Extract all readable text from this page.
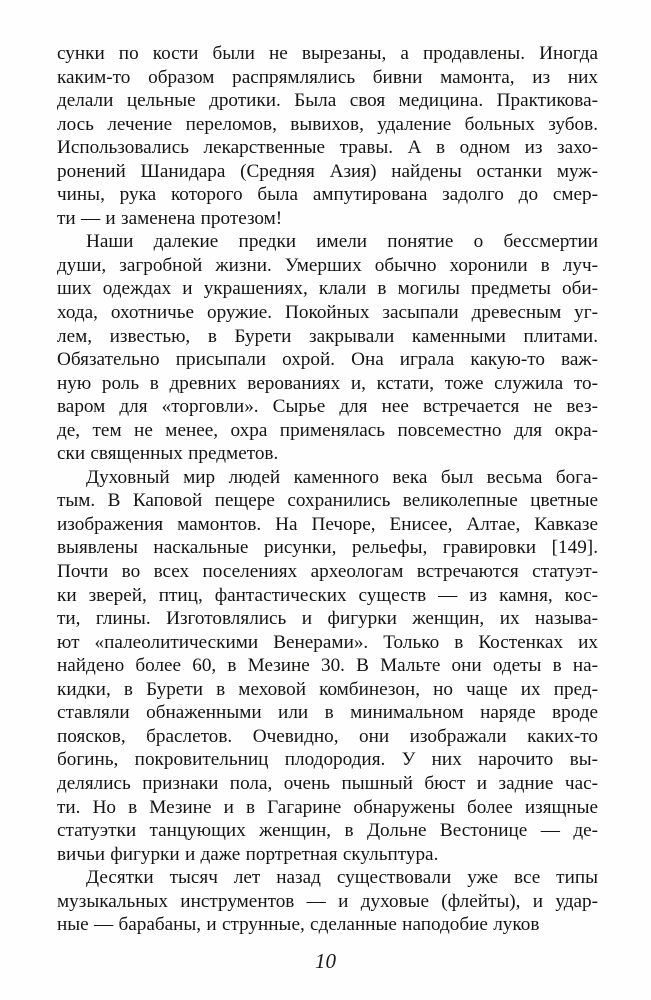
сунки по кости были не вырезаны, а продавлены. Иногда
каким-то образом распрямлялись бивни мамонта, из них
делали цельные дротики. Была своя медицина. Практикова-
лось лечение переломов, вывихов, удаление больных зубов.
Использовались лекарственные травы. А в одном из захо-
ронений Шанидара (Средняя Азия) найдены останки муж-
чины, рука которого была ампутирована задолго до смер-
ти — и заменена протезом!
Наши далекие предки имели понятие о бессмертии
души, загробной жизни. Умерших обычно хоронили в луч-
ших одеждах и украшениях, клали в могилы предметы оби-
хода, охотничье оружие. Покойных засыпали древесным уг-
лем, известью, в Бурети закрывали каменными плитами.
Обязательно присыпали охрой. Она играла какую-то важ-
ную роль в древних верованиях и, кстати, тоже служила то-
варом для «торговли». Сырье для нее встречается не вез-
де, тем не менее, охра применялась повсеместно для окра-
ски священных предметов.
Духовный мир людей каменного века был весьма бога-
тым. В Каповой пещере сохранились великолепные цветные
изображения мамонтов. На Печоре, Енисее, Алтае, Кавказе
выявлены наскальные рисунки, рельефы, гравировки [149].
Почти во всех поселениях археологам встречаются статуэт-
ки зверей, птиц, фантастических существ — из камня, кос-
ти, глины. Изготовлялись и фигурки женщин, их называ-
ют «палеолитическими Венерами». Только в Костенках их
найдено более 60, в Мезине 30. В Мальте они одеты в на-
кидки, в Бурети в меховой комбинезон, но чаще их пред-
ставляли обнаженными или в минимальном наряде вроде
поясков, браслетов. Очевидно, они изображали каких-то
богинь, покровительниц плодородия. У них нарочито вы-
делялись признаки пола, очень пышный бюст и задние час-
ти. Но в Мезине и в Гагарине обнаружены более изящные
статуэтки танцующих женщин, в Дольне Вестонице — де-
вичьи фигурки и даже портретная скульптура.
Десятки тысяч лет назад существовали уже все типы
музыкальных инструментов — и духовые (флейты), и удар-
ные — барабаны, и струнные, сделанные наподобие луков
10
